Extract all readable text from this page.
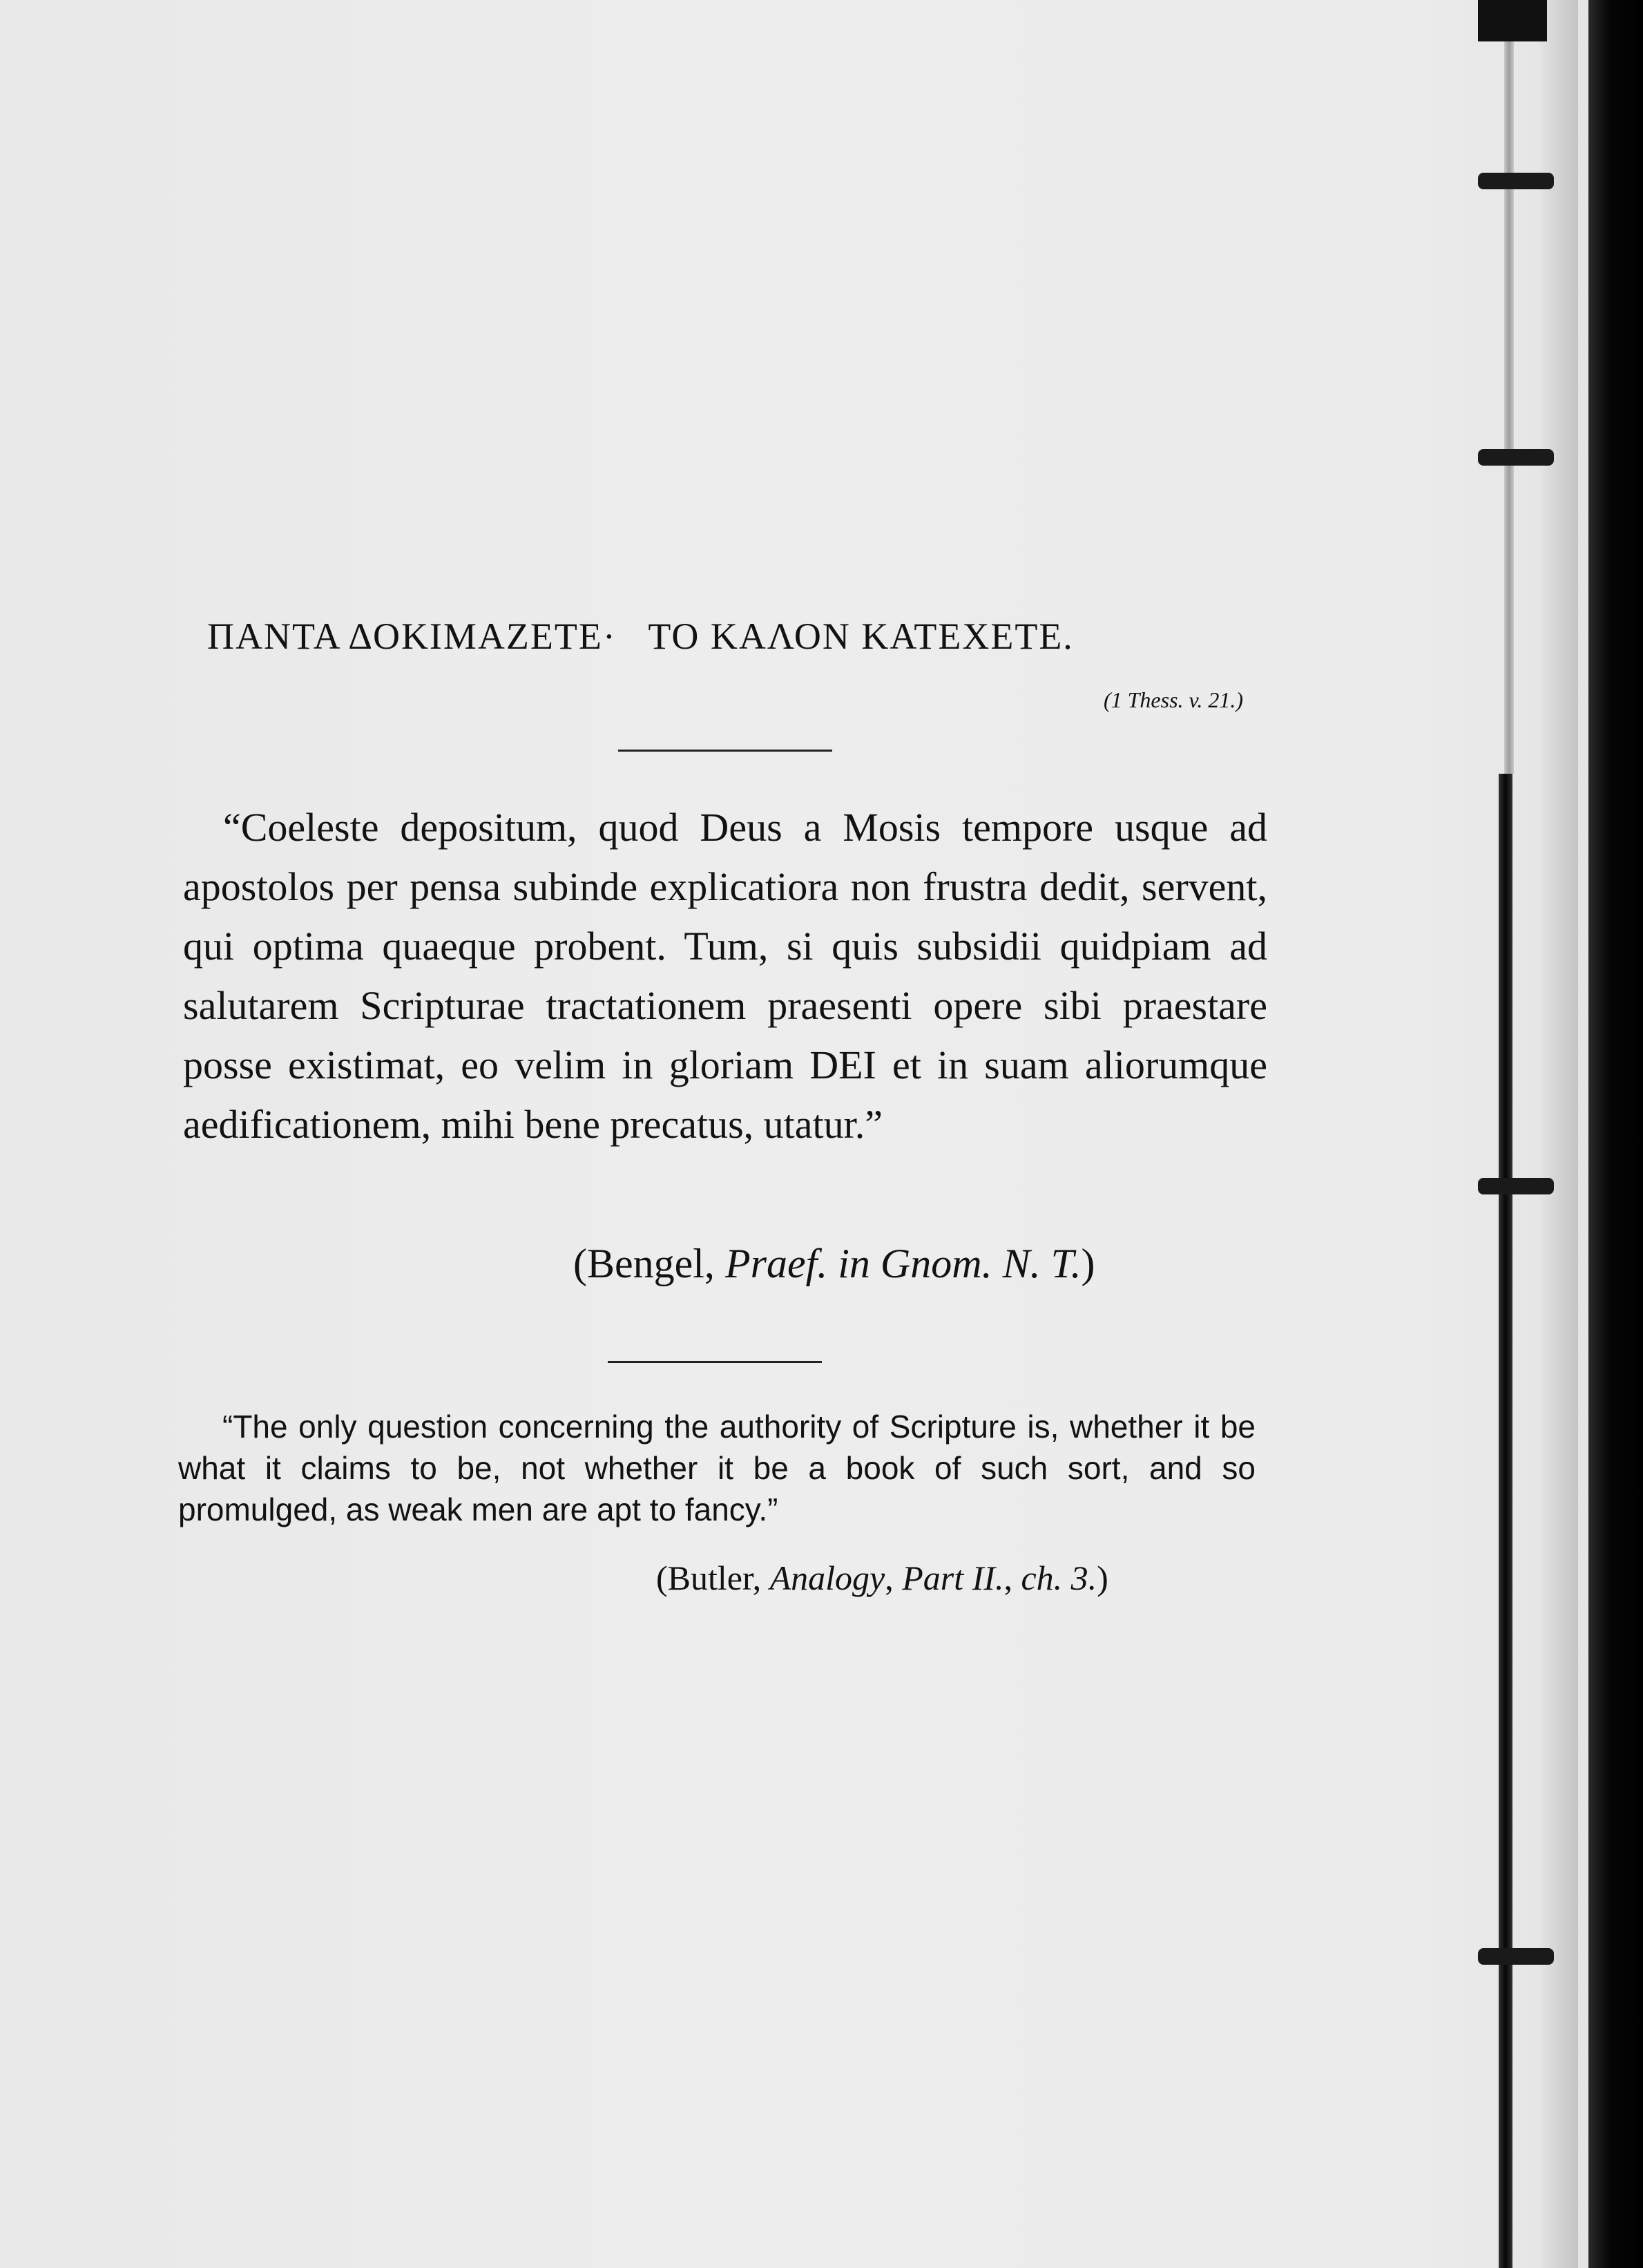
ΠΑΝΤΑ ΔΟΚΙΜΑΖΕΤΕ· ΤΟ ΚΑΛΟΝ ΚΑΤΕΧΕΤΕ.
(1 Thess. v. 21.)
“Coeleste depositum, quod Deus a Mosis tempore usque ad apostolos per pensa subinde explicatiora non frustra dedit, servent, qui optima quaeque probent. Tum, si quis subsidii quidpiam ad salutarem Scripturae tractationem praesenti opere sibi praestare posse existimat, eo velim in gloriam DEI et in suam aliorumque aedificationem, mihi bene precatus, utatur.”
(Bengel, Praef. in Gnom. N. T.)
“The only question concerning the authority of Scripture is, whether it be what it claims to be, not whether it be a book of such sort, and so promulged, as weak men are apt to fancy.”
(Butler, Analogy, Part II., ch. 3.)
